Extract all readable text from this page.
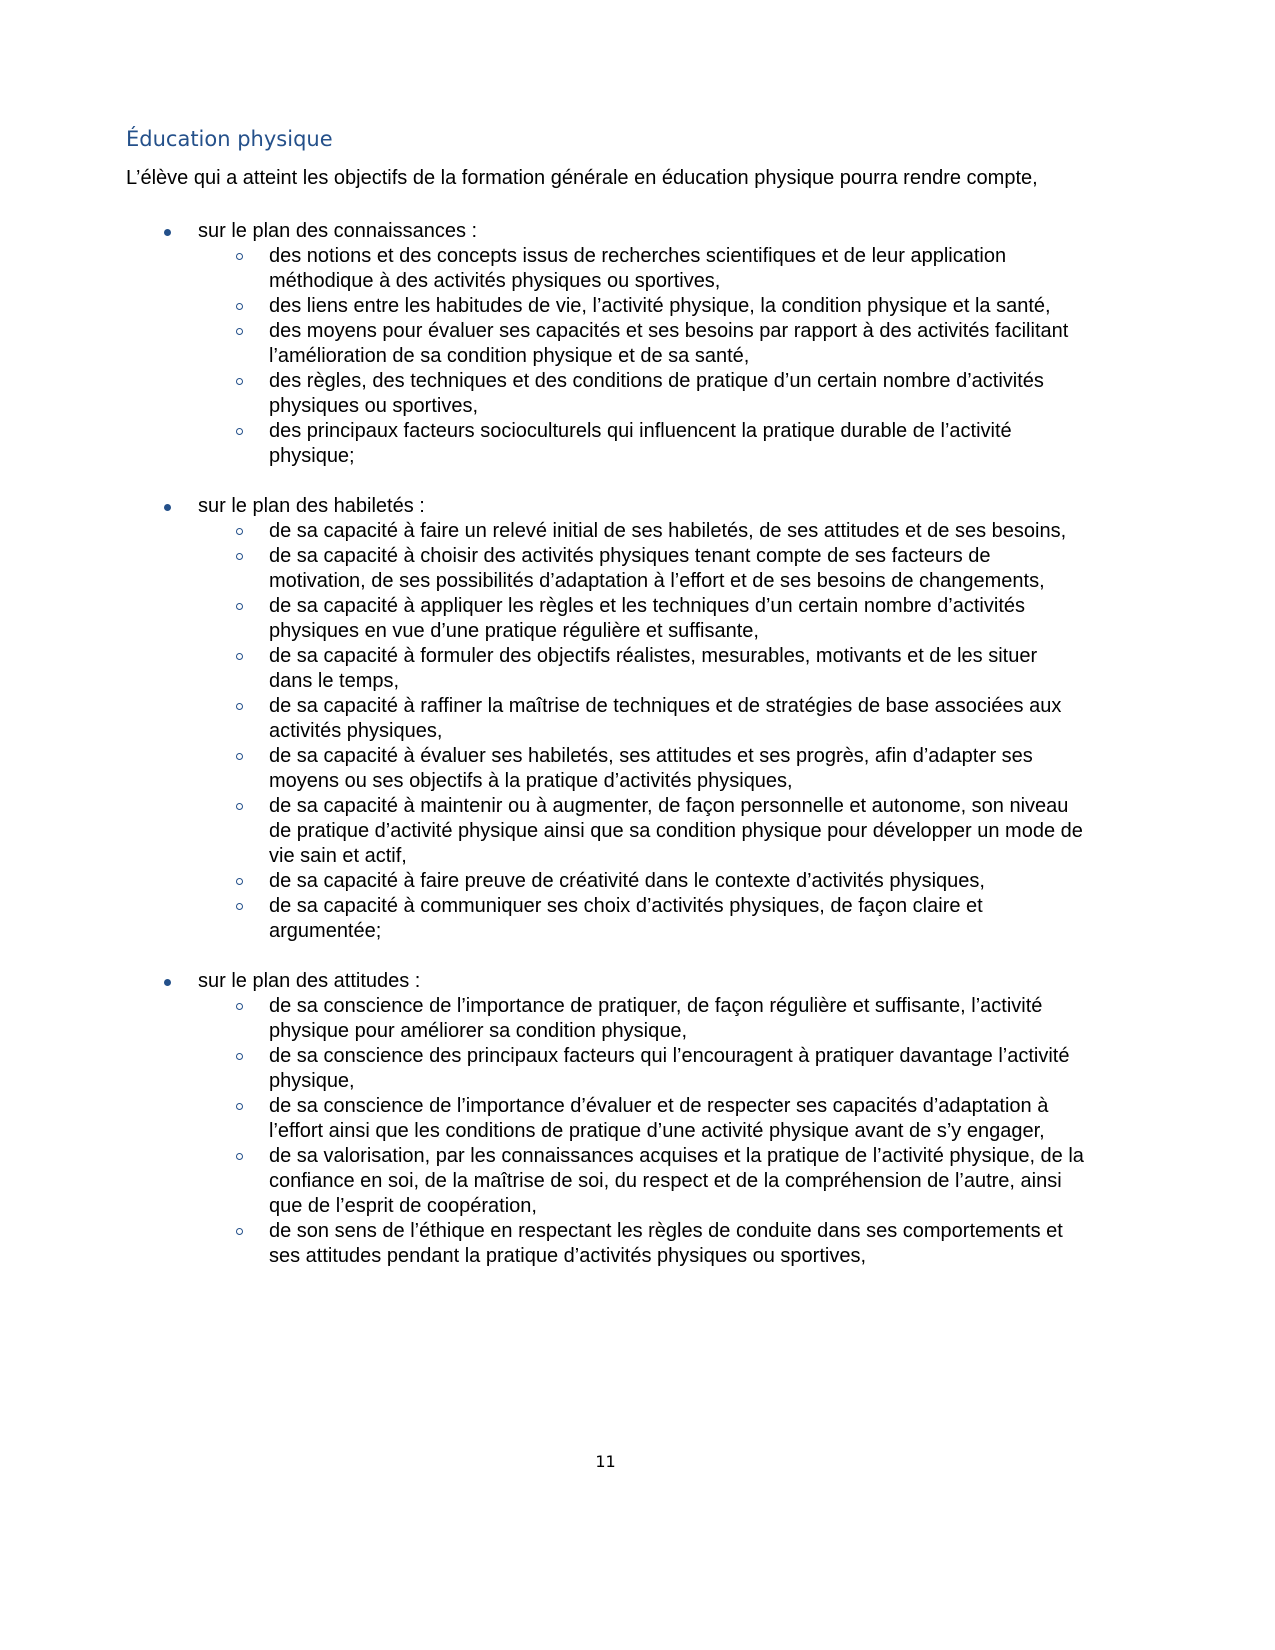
Éducation physique

L’élève qui a atteint les objectifs de la formation générale en éducation physique pourra rendre compte,

sur le plan des connaissances :
des notions et des concepts issus de recherches scientifiques et de leur application méthodique à des activités physiques ou sportives,
des liens entre les habitudes de vie, l’activité physique, la condition physique et la santé,
des moyens pour évaluer ses capacités et ses besoins par rapport à des activités facilitant l’amélioration de sa condition physique et de sa santé,
des règles, des techniques et des conditions de pratique d’un certain nombre d’activités physiques ou sportives,
des principaux facteurs socioculturels qui influencent la pratique durable de l’activité physique;
sur le plan des habiletés :
de sa capacité à faire un relevé initial de ses habiletés, de ses attitudes et de ses besoins,
de sa capacité à choisir des activités physiques tenant compte de ses facteurs de motivation, de ses possibilités d’adaptation à l’effort et de ses besoins de changements,
de sa capacité à appliquer les règles et les techniques d’un certain nombre d’activités physiques en vue d’une pratique régulière et suffisante,
de sa capacité à formuler des objectifs réalistes, mesurables, motivants et de les situer dans le temps,
de sa capacité à raffiner la maîtrise de techniques et de stratégies de base associées aux activités physiques,
de sa capacité à évaluer ses habiletés, ses attitudes et ses progrès, afin d’adapter ses moyens ou ses objectifs à la pratique d’activités physiques,
de sa capacité à maintenir ou à augmenter, de façon personnelle et autonome, son niveau de pratique d’activité physique ainsi que sa condition physique pour développer un mode de vie sain et actif,
de sa capacité à faire preuve de créativité dans le contexte d’activités physiques,
de sa capacité à communiquer ses choix d’activités physiques, de façon claire et argumentée;
sur le plan des attitudes :
de sa conscience de l’importance de pratiquer, de façon régulière et suffisante, l’activité physique pour améliorer sa condition physique,
de sa conscience des principaux facteurs qui l’encouragent à pratiquer davantage l’activité physique,
de sa conscience de l’importance d’évaluer et de respecter ses capacités d’adaptation à l’effort ainsi que les conditions de pratique d’une activité physique avant de s’y engager,
de sa valorisation, par les connaissances acquises et la pratique de l’activité physique, de la confiance en soi, de la maîtrise de soi, du respect et de la compréhension de l’autre, ainsi que de l’esprit de coopération,
de son sens de l’éthique en respectant les règles de conduite dans ses comportements et ses attitudes pendant la pratique d’activités physiques ou sportives,
11
